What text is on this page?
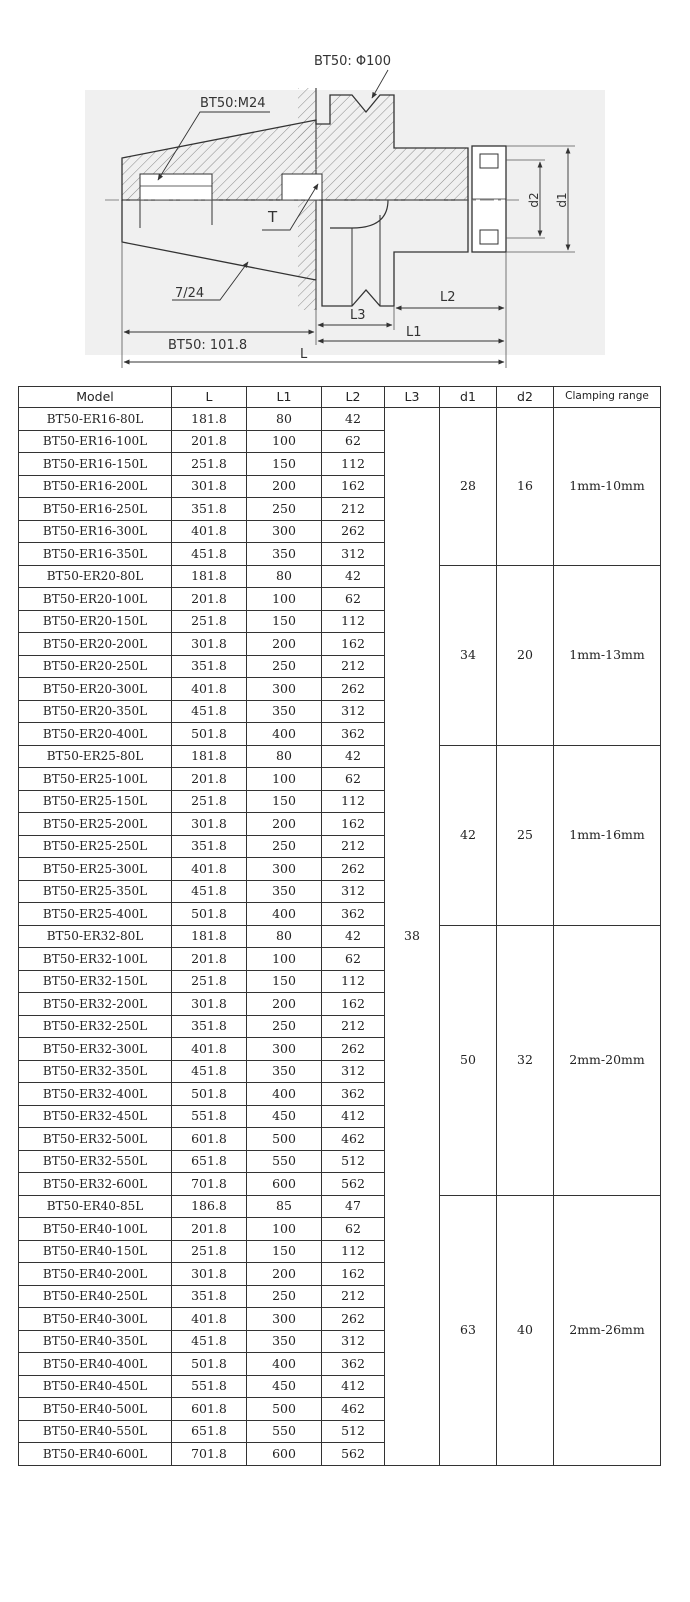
d1
d2
BT50: Φ100
BT50:M24
T
7/24	L2
L3
L1
BT50: 101.8
L
Model	L	L1	L2	L3	d1	d2	Clamping range
BT50-ER16-80L	181.8	80	42	38	28	16	1mm-10mm
BT50-ER16-100L	201.8	100	62				
BT50-ER16-150L	251.8	150	112				
BT50-ER16-200L	301.8	200	162				
BT50-ER16-250L	351.8	250	212				
BT50-ER16-300L	401.8	300	262				
BT50-ER16-350L	451.8	350	312				
BT50-ER20-80L	181.8	80	42		34	20	1mm-13mm
BT50-ER20-100L	201.8	100	62				
BT50-ER20-150L	251.8	150	112				
BT50-ER20-200L	301.8	200	162				
BT50-ER20-250L	351.8	250	212				
BT50-ER20-300L	401.8	300	262				
BT50-ER20-350L	451.8	350	312				
BT50-ER20-400L	501.8	400	362				
BT50-ER25-80L	181.8	80	42		42	25	1mm-16mm
BT50-ER25-100L	201.8	100	62				
BT50-ER25-150L	251.8	150	112				
BT50-ER25-200L	301.8	200	162				
BT50-ER25-250L	351.8	250	212				
BT50-ER25-300L	401.8	300	262				
BT50-ER25-350L	451.8	350	312				
BT50-ER25-400L	501.8	400	362				
BT50-ER32-80L	181.8	80	42		50	32	2mm-20mm
BT50-ER32-100L	201.8	100	62				
BT50-ER32-150L	251.8	150	112				
BT50-ER32-200L	301.8	200	162				
BT50-ER32-250L	351.8	250	212				
BT50-ER32-300L	401.8	300	262				
BT50-ER32-350L	451.8	350	312				
BT50-ER32-400L	501.8	400	362				
BT50-ER32-450L	551.8	450	412				
BT50-ER32-500L	601.8	500	462				
BT50-ER32-550L	651.8	550	512				
BT50-ER32-600L	701.8	600	562				
BT50-ER40-85L	186.8	85	47		63	40	2mm-26mm
BT50-ER40-100L	201.8	100	62				
BT50-ER40-150L	251.8	150	112				
BT50-ER40-200L	301.8	200	162				
BT50-ER40-250L	351.8	250	212				
BT50-ER40-300L	401.8	300	262				
BT50-ER40-350L	451.8	350	312				
BT50-ER40-400L	501.8	400	362				
BT50-ER40-450L	551.8	450	412				
BT50-ER40-500L	601.8	500	462				
BT50-ER40-550L	651.8	550	512				
BT50-ER40-600L	701.8	600	562				
